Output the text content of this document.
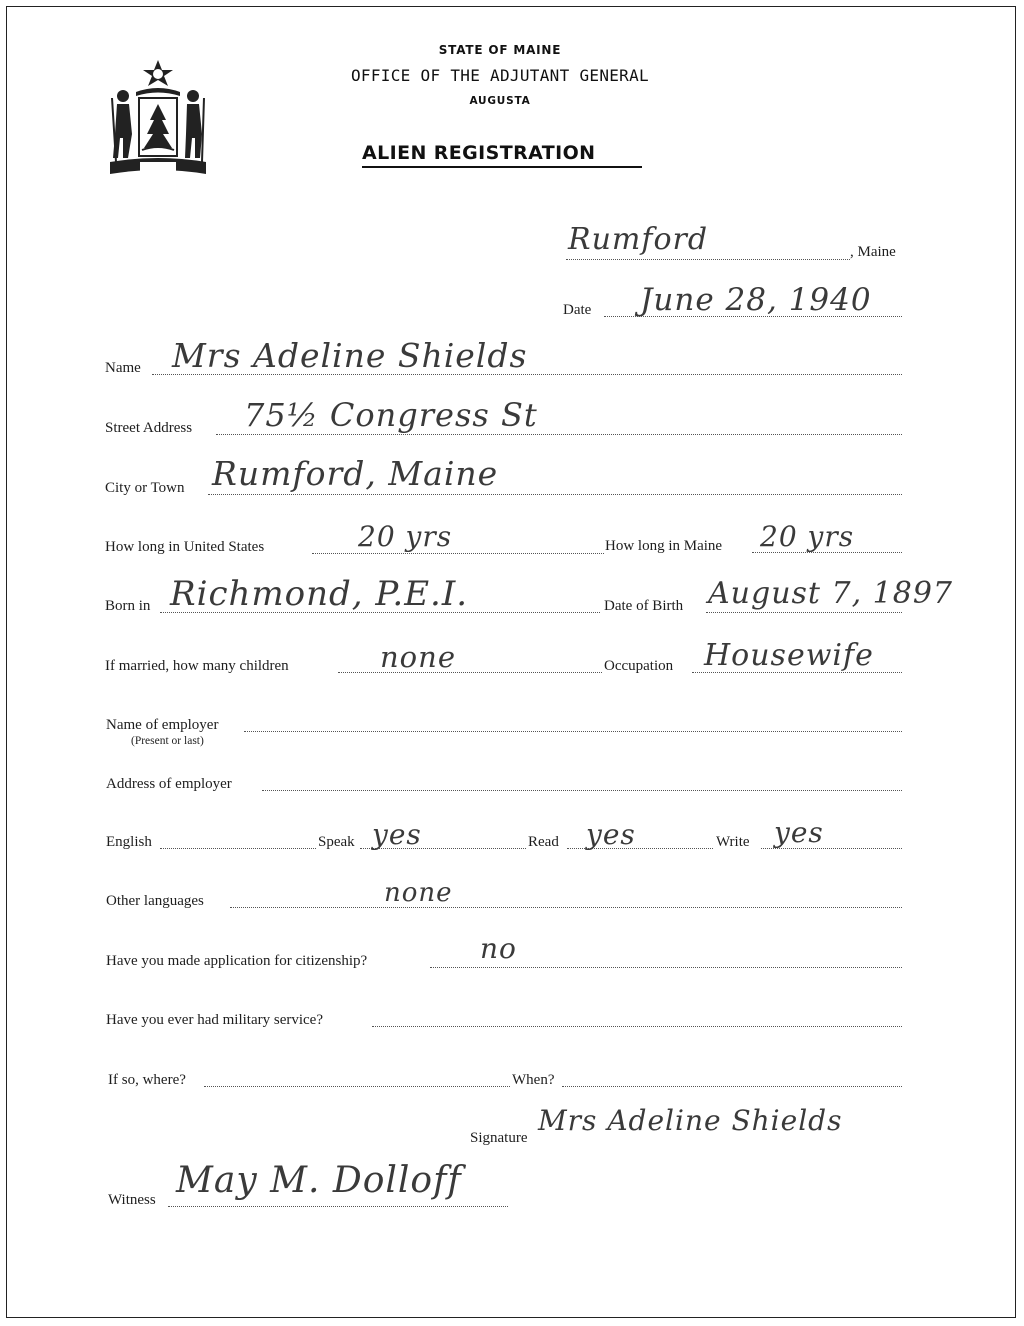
STATE OF MAINE
OFFICE OF THE ADJUTANT GENERAL
AUGUSTA
ALIEN REGISTRATION
Rumford	, Maine
Date June 28, 1940
Name Mrs Adeline Shields
Street Address 75½ Congress St
City or Town Rumford, Maine
How long in United States	20 yrs	How long in Maine 20 yrs
Born in Richmond, P.E.I.	Date of Birth August 7, 1897
If married, how many children	none	Occupation Housewife
Name of employer
(Present or last)
Address of employer
English	Speak yes	Read yes	Write yes
Other languages	none
Have you made application for citizenship?	no
Have you ever had military service?
If so, where?	When?
Signature
Mrs Adeline Shields
Witness May M. Dolloff
